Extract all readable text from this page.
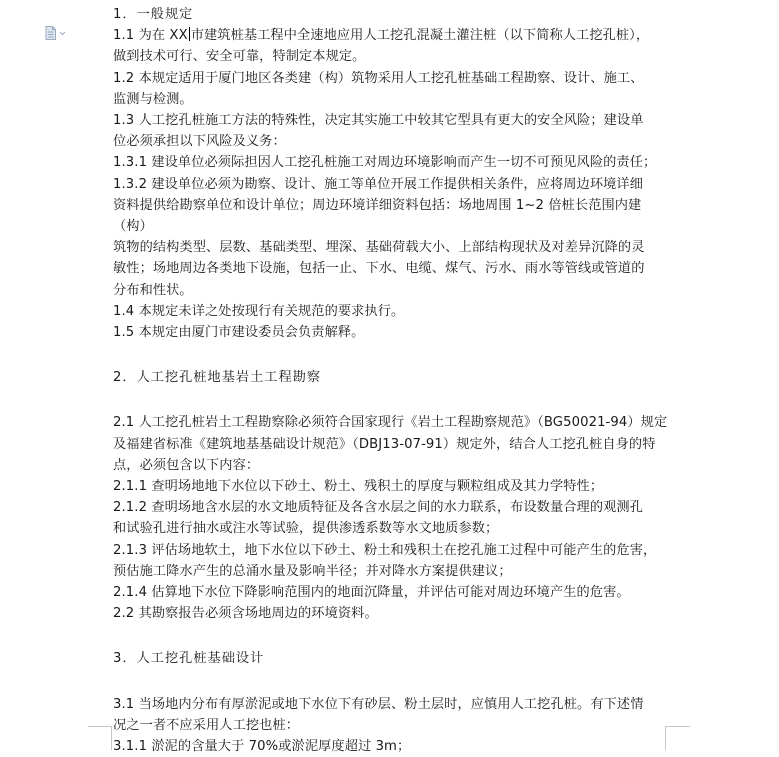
1．一般规定

1.1 为在 XX 市建筑桩基工程中全速地应用人工挖孔混凝土灌注桩（以下简称人工挖孔桩），

做到技术可行、安全可靠，特制定本规定。

1.2 本规定适用于厦门地区各类建（构）筑物采用人工挖孔桩基础工程勘察、设计、施工、

监测与检测。

1.3 人工挖孔桩施工方法的特殊性，决定其实施工中较其它型具有更大的安全风险；建设单

位必须承担以下风险及义务：

1.3.1 建设单位必须际担因人工挖孔桩施工对周边环境影响而产生一切不可预见风险的责任；

1.3.2 建设单位必须为勘察、设计、施工等单位开展工作提供相关条件，应将周边环境详细

资料提供给勘察单位和设计单位；周边环境详细资料包括：场地周围 1~2 倍桩长范围内建（构）

筑物的结构类型、层数、基础类型、埋深、基础荷载大小、上部结构现状及对差异沉降的灵

敏性；场地周边各类地下设施，包括一止、下水、电缆、煤气、污水、雨水等管线或管道的

分布和性状。

1.4 本规定未详之处按现行有关规范的要求执行。

1.5 本规定由厦门市建设委员会负责解释。

2．人工挖孔桩地基岩土工程勘察

2.1 人工挖孔桩岩土工程勘察除必须符合国家现行《岩土工程勘察规范》（BG50021-94）规定

及福建省标准《建筑地基基础设计规范》（DBJ13-07-91）规定外，结合人工挖孔桩自身的特

点，必须包含以下内容：

2.1.1 查明场地地下水位以下砂土、粉土、残积土的厚度与颗粒组成及其力学特性；

2.1.2 查明场地含水层的水文地质特征及各含水层之间的水力联系，布设数量合理的观测孔

和试验孔进行抽水或注水等试验，提供渗透系数等水文地质参数；

2.1.3 评估场地软土，地下水位以下砂土、粉土和残积土在挖孔施工过程中可能产生的危害，

预估施工降水产生的总涌水量及影响半径；并对降水方案提供建议；

2.1.4 估算地下水位下降影响范围内的地面沉降量，并评估可能对周边环境产生的危害。

2.2 其勘察报告必须含场地周边的环境资料。

3．人工挖孔桩基础设计

3.1 当场地内分布有厚淤泥或地下水位下有砂层、粉土层时，应慎用人工挖孔桩。有下述情

况之一者不应采用人工挖也桩：

3.1.1 淤泥的含量大于 70%或淤泥厚度超过 3m；
